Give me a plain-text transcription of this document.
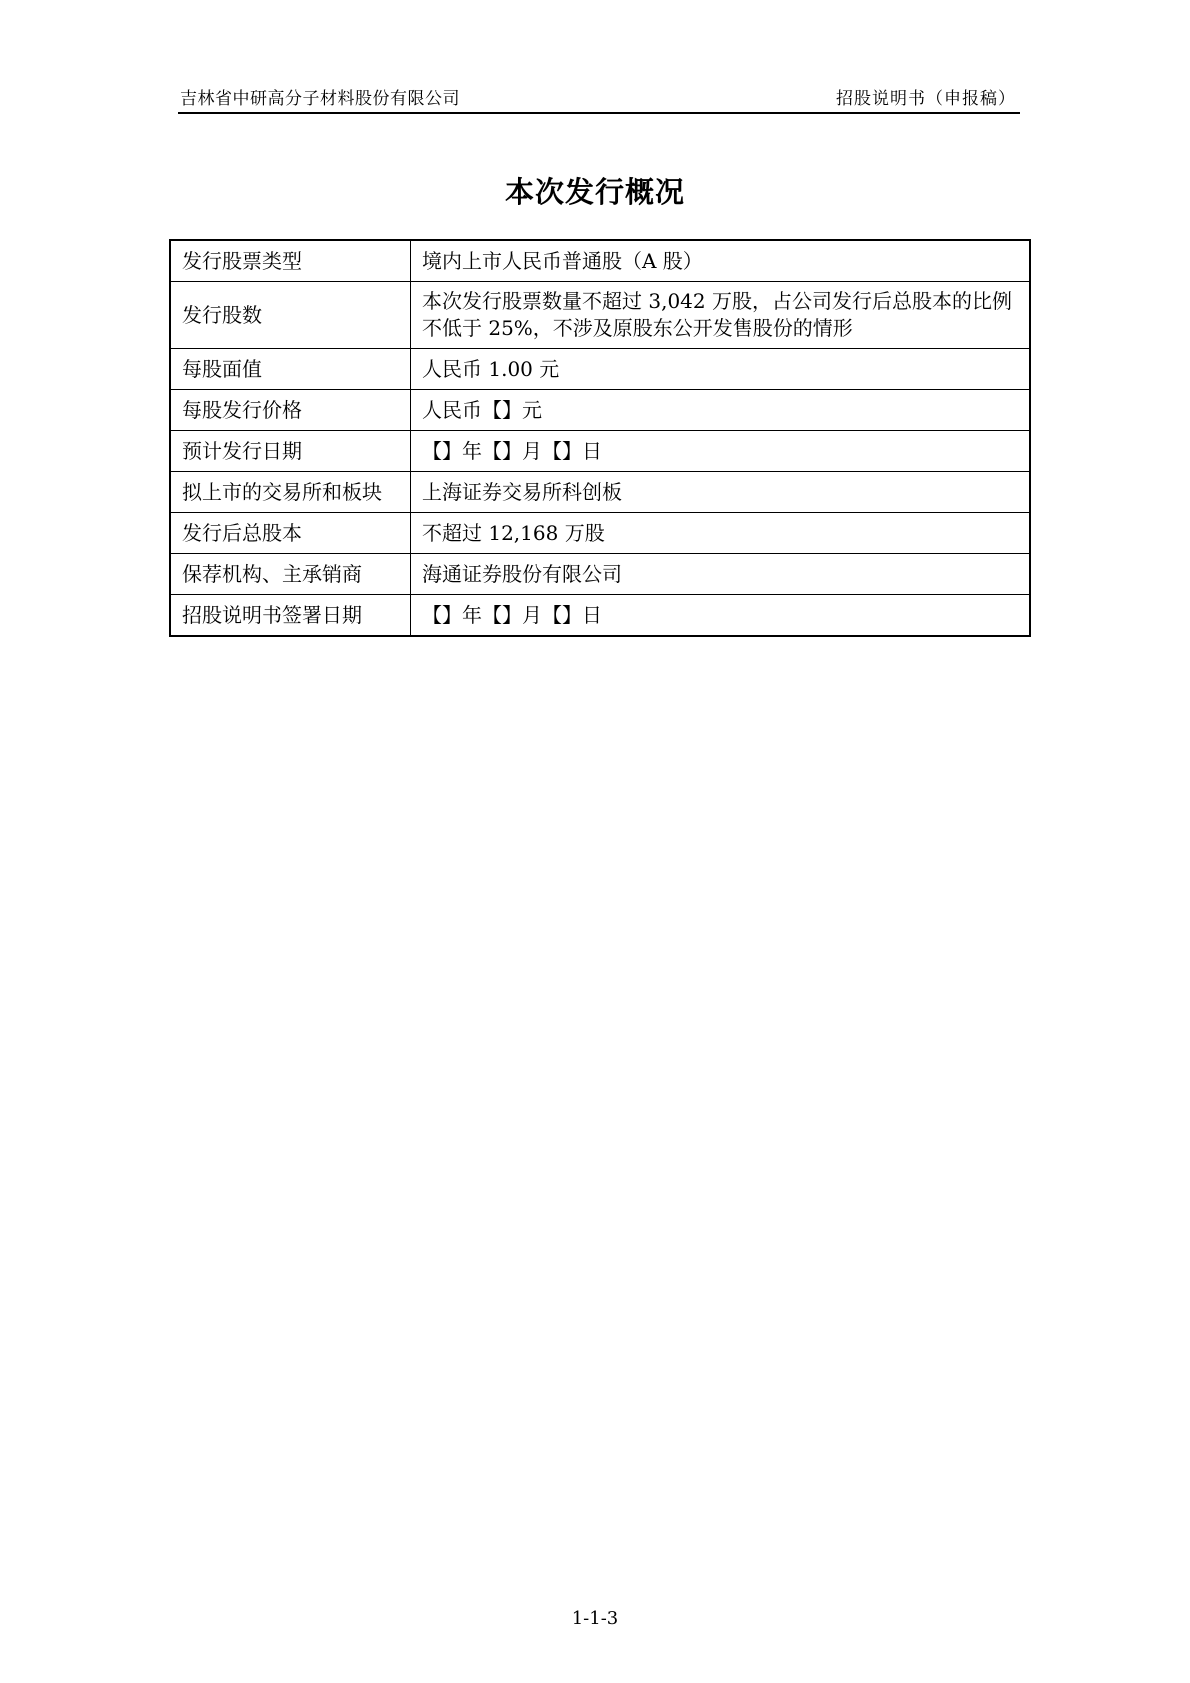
吉林省中研高分子材料股份有限公司	招股说明书（申报稿）
本次发行概况
发行股票类型	境内上市人民币普通股（A 股）
发行股数	本次发行股票数量不超过 3,042 万股，占公司发行后总股本的比例不低于 25%，不涉及原股东公开发售股份的情形
每股面值	人民币 1.00 元
每股发行价格	人民币【】元
预计发行日期	【】年【】月【】日
拟上市的交易所和板块	上海证券交易所科创板
发行后总股本	不超过 12,168 万股
保荐机构、主承销商	海通证券股份有限公司
招股说明书签署日期	【】年【】月【】日
1-1-3
